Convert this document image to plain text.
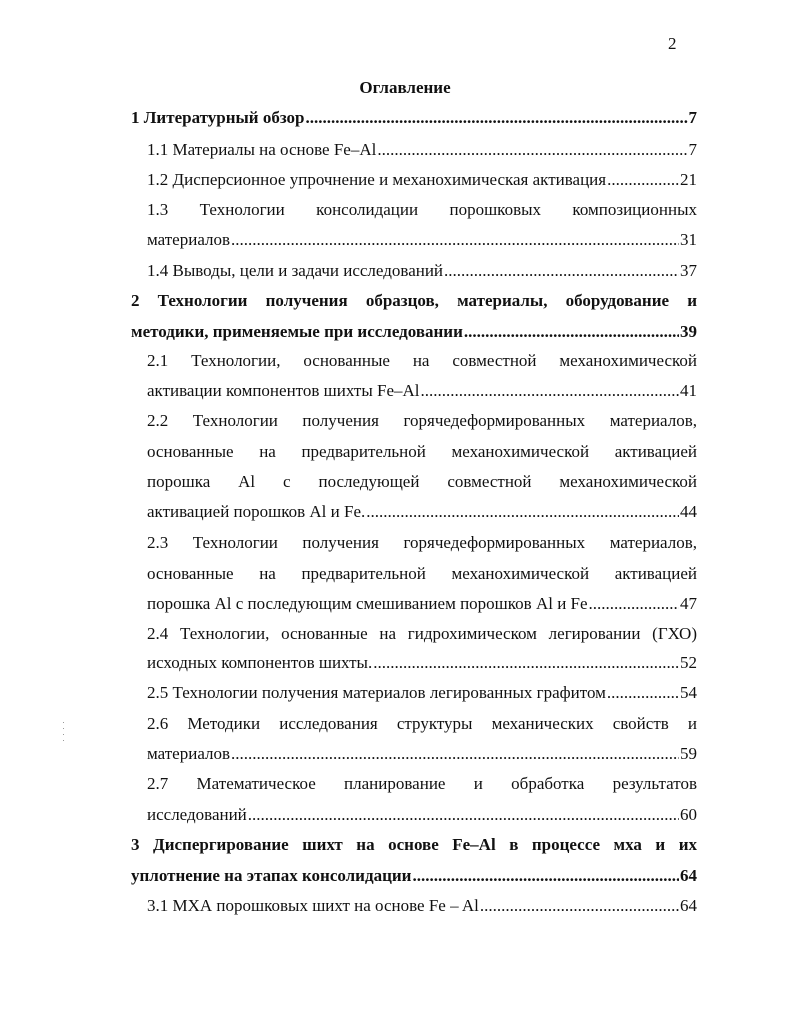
2
Оглавление
1 Литературный обзор .....	7
1.1 Материалы на основе Fe–Al .....	7
1.2 Дисперсионное упрочнение и механохимическая активация .....	21
1.3 Технологии консолидации порошковых композиционных
материалов .....	31
1.4 Выводы, цели и задачи исследований .....	37
2 Технологии получения образцов, материалы, оборудование и
методики, применяемые при исследовании .....	39
2.1 Технологии, основанные на совместной механохимической
активации компонентов шихты Fe–Al .....	41
2.2 Технологии получения горячедеформированных материалов,
основанные на предварительной механохимической активацией
порошка Al с последующей совместной механохимической
активацией порошков Al и Fe. .....	44
2.3 Технологии получения горячедеформированных материалов,
основанные на предварительной механохимической активацией
порошка Al с последующим смешиванием порошков Al и Fe .....	47
2.4 Технологии, основанные на гидрохимическом легировании (ГХО)
исходных компонентов шихты. .....	52
2.5 Технологии получения материалов легированных графитом .....	54
2.6 Методики исследования структуры механических свойств и
материалов .....	59
2.7 Математическое планирование и обработка результатов
исследований .....	60
3 Диспергирование шихт на основе Fe–Al в процессе мха и их
уплотнение на этапах консолидации .....	64
3.1 МХА порошковых шихт на основе Fe – Al .....	64
